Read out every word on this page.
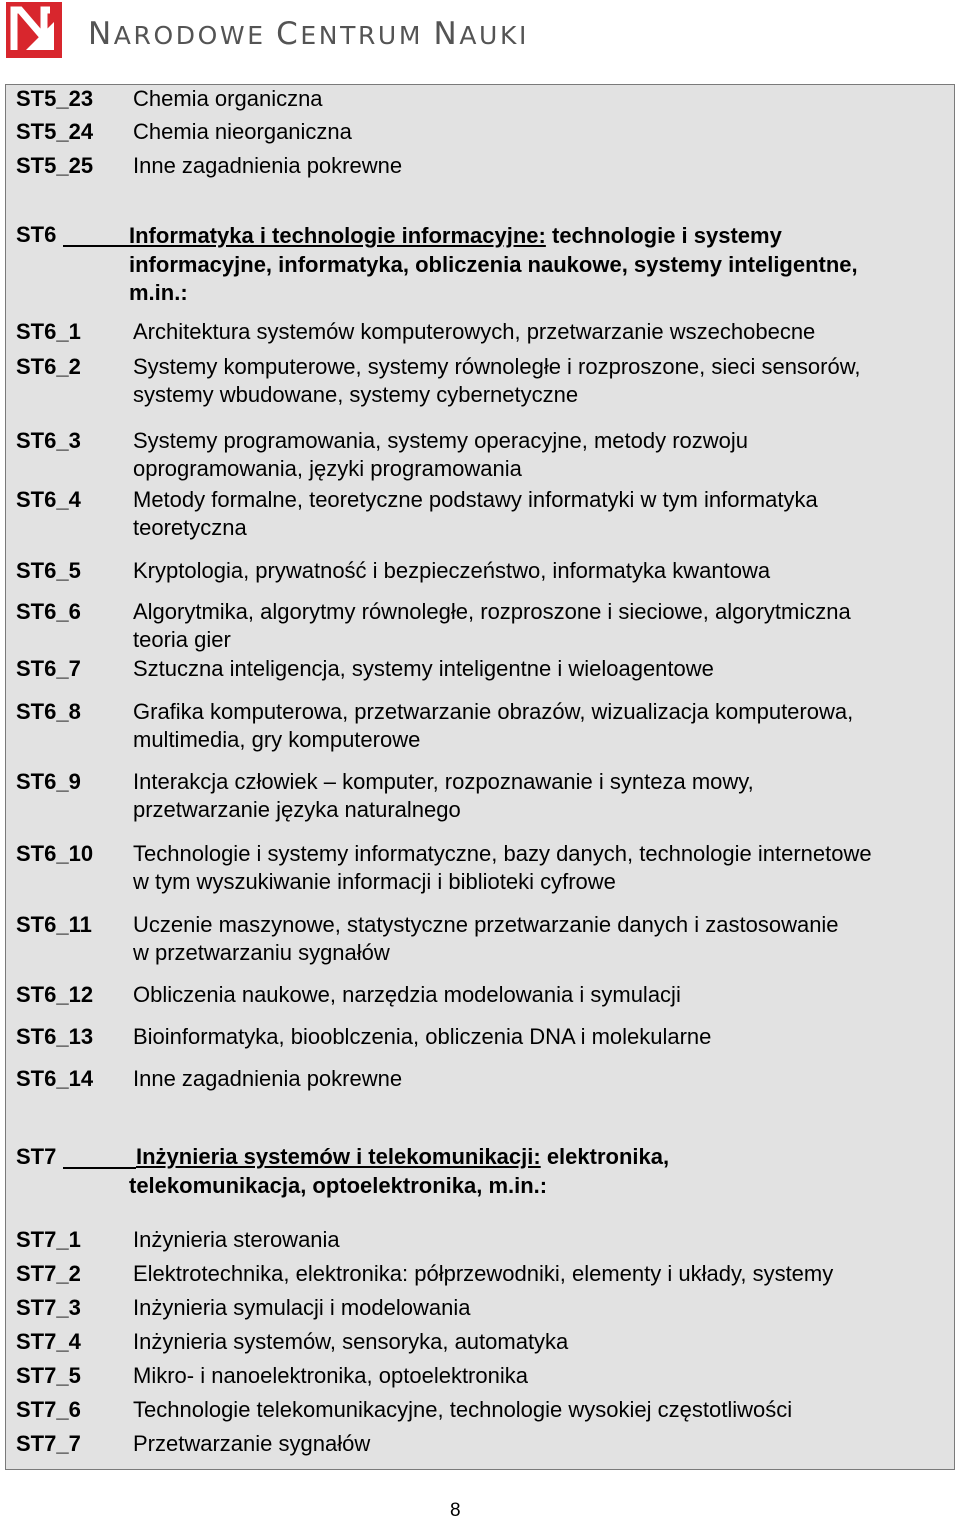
NARODOWE CENTRUM NAUKI
ST5_23 Chemia organiczna
ST5_24 Chemia nieorganiczna
ST5_25 Inne zagadnienia pokrewne
ST6	Informatyka i technologie informacyjne: technologie i systemy
informacyjne, informatyka, obliczenia naukowe, systemy inteligentne,
m.in.:
ST6_1 Architektura systemów komputerowych, przetwarzanie wszechobecne
ST6_2 Systemy komputerowe, systemy równoległe i rozproszone, sieci sensorów,
systemy wbudowane, systemy cybernetyczne
ST6_3 Systemy programowania, systemy operacyjne, metody rozwoju
oprogramowania, języki programowania
ST6_4 Metody formalne, teoretyczne podstawy informatyki w tym informatyka
teoretyczna
ST6_5 Kryptologia, prywatność i bezpieczeństwo, informatyka kwantowa
ST6_6 Algorytmika, algorytmy równoległe, rozproszone i sieciowe, algorytmiczna
teoria gier
ST6_7 Sztuczna inteligencja, systemy inteligentne i wieloagentowe
ST6_8 Grafika komputerowa, przetwarzanie obrazów, wizualizacja komputerowa,
multimedia, gry komputerowe
ST6_9 Interakcja człowiek – komputer, rozpoznawanie i synteza mowy,
przetwarzanie języka naturalnego
ST6_10 Technologie i systemy informatyczne, bazy danych, technologie internetowe
w tym wyszukiwanie informacji i biblioteki cyfrowe
ST6_11 Uczenie maszynowe, statystyczne przetwarzanie danych i zastosowanie
w przetwarzaniu sygnałów
ST6_12 Obliczenia naukowe, narzędzia modelowania i symulacji
ST6_13 Bioinformatyka, biooblczenia, obliczenia DNA i molekularne
ST6_14 Inne zagadnienia pokrewne
ST7	Inżynieria systemów i telekomunikacji: elektronika,
telekomunikacja, optoelektronika, m.in.:
ST7_1 Inżynieria sterowania
ST7_2 Elektrotechnika, elektronika: półprzewodniki, elementy i układy, systemy
ST7_3 Inżynieria symulacji i modelowania
ST7_4 Inżynieria systemów, sensoryka, automatyka
ST7_5 Mikro- i nanoelektronika, optoelektronika
ST7_6 Technologie telekomunikacyjne, technologie wysokiej częstotliwości
ST7_7 Przetwarzanie sygnałów
8
